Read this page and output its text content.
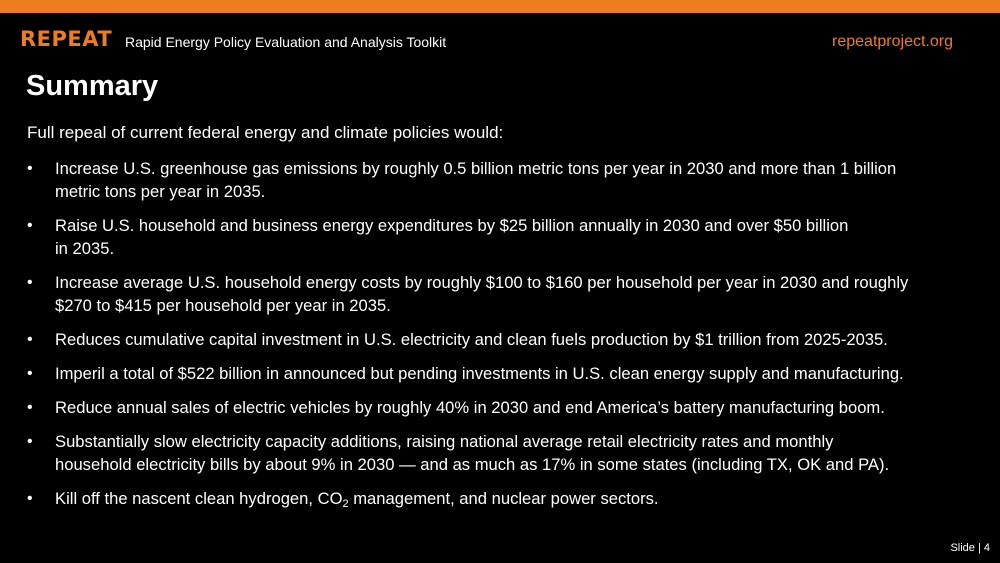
REPEAT Rapid Energy Policy Evaluation and Analysis Toolkit	repeatproject.org
Summary

Full repeal of current federal energy and climate policies would:

• Increase U.S. greenhouse gas emissions by roughly 0.5 billion metric tons per year in 2030 and more than 1 billion
metric tons per year in 2035.
• Raise U.S. household and business energy expenditures by $25 billion annually in 2030 and over $50 billion
in 2035.
• Increase average U.S. household energy costs by roughly $100 to $160 per household per year in 2030 and roughly
$270 to $415 per household per year in 2035.
• Reduces cumulative capital investment in U.S. electricity and clean fuels production by $1 trillion from 2025-2035.
• Imperil a total of $522 billion in announced but pending investments in U.S. clean energy supply and manufacturing.
• Reduce annual sales of electric vehicles by roughly 40% in 2030 and end America’s battery manufacturing boom.
• Substantially slow electricity capacity additions, raising national average retail electricity rates and monthly
household electricity bills by about 9% in 2030 — and as much as 17% in some states (including TX, OK and PA).
• Kill off the nascent clean hydrogen, $CO_2$ management, and nuclear power sectors.
Slide | 4
